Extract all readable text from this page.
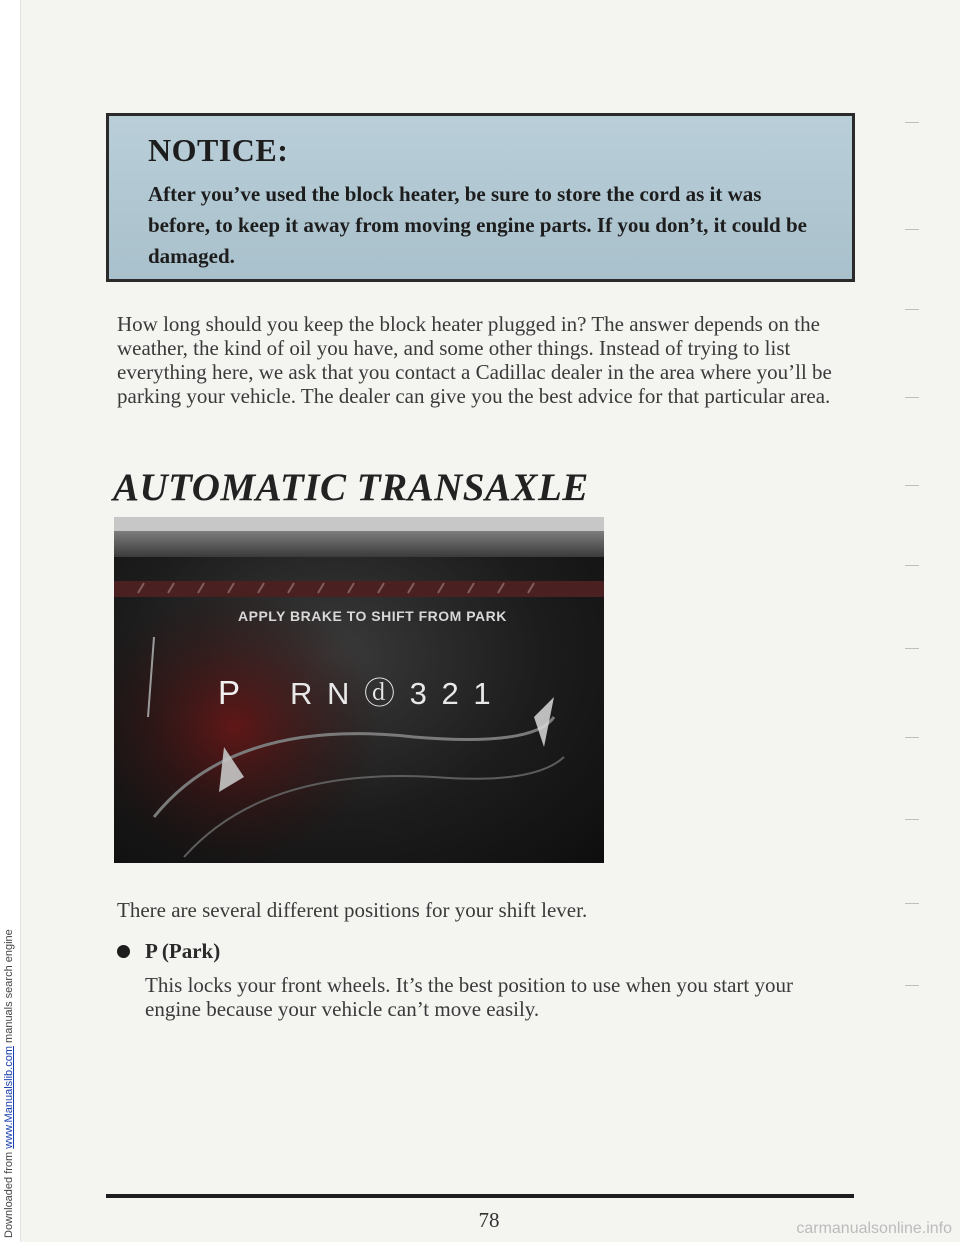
Downloaded from www.Manualslib.com manuals search engine

NOTICE:

After you’ve used the block heater, be sure to store the cord as it was before, to keep it away from moving engine parts. If you don’t, it could be damaged.

How long should you keep the block heater plugged in? The answer depends on the weather, the kind of oil you have, and some other things. Instead of trying to list everything here, we ask that you contact a Cadillac dealer in the area where you’ll be parking your vehicle. The dealer can give you the best advice for that particular area.

AUTOMATIC TRANSAXLE
APPLY BRAKE TO SHIFT FROM PARK
P R N ⓓ 3 2 1

There are several different positions for your shift lever.

P (Park)

This locks your front wheels. It’s the best position to use when you start your engine because your vehicle can’t move easily.

78	carmanualsonline.info
